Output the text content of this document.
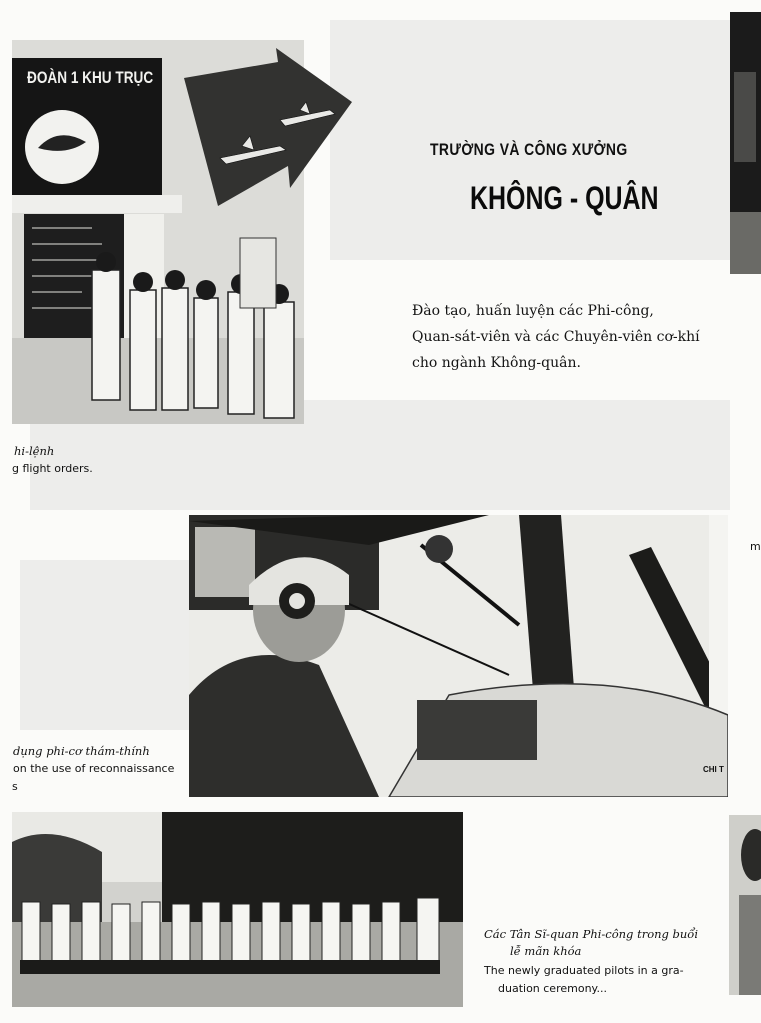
ĐOÀN 1 KHU TRỤC
TRƯỜNG VÀ CÔNG XƯỞNG
KHÔNG - QUÂN
Đào tạo, huấn luyện các Phi-công,
Quan-sát-viên và các Chuyên-viên cơ-khí
cho ngành Không-quân.
hi-lệnh
g flight orders.
CHI T
m
dụng phi-cơ thám-thính
on the use of reconnaissance
s
Các Tân Sĩ-quan Phi-công trong buổi
lễ mãn khóa
The newly graduated pilots in a gra-
duation ceremony...
